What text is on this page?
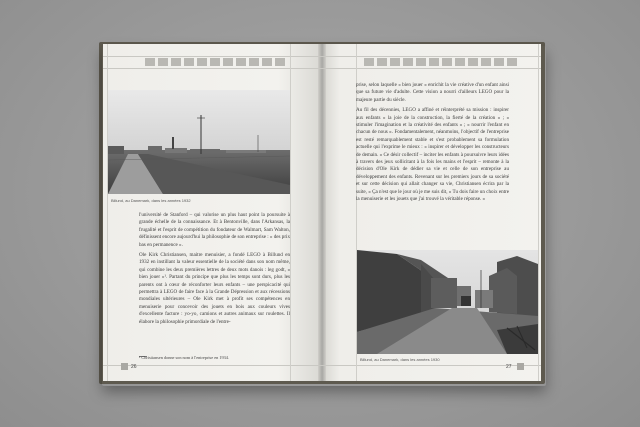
Billund, au Danemark, dans les années 1932

l'université de Stanford – qui valorise un plus haut point la poursuite à grande échelle de la connaissance. Et à Bentonville, dans l'Arkansas, la frugalité et l'esprit de compétition du fondateur de Walmart, Sam Walton, définissent encore aujourd'hui la philosophie de son entreprise : « des prix bas en permanence ».

Ole Kirk Christiansen, maitre menuisier, a fondé LEGO à Billund en 1932 en instillant la valeur essentielle de la société dans son nom même, qui combine les deux premières lettres de deux mots danois : leg godt, « bien jouer »¹. Partant du principe que plus les temps sont durs, plus les parents ont à cœur de réconforter leurs enfants – une perspicacité qui permettra à LEGO de faire face à la Grande Dépression et aux récessions mondiales ultérieures – Ole Kirk met à profit ses compétences en menuiserie pour concevoir des jouets en bois aux couleurs vives d'excellente facture : yo-yo, camions et autres animaux sur roulettes. Il élabore la philosophie primordiale de l'entre-

¹ Christiansen donne son nom à l'entreprise en 1934.
26

prise, selon laquelle « bien jouer » enrichit la vie créative d'un enfant ainsi que sa future vie d'adulte. Cette vision a nourri d'ailleurs LEGO pour la majeure partie du siècle.

Au fil des décennies, LEGO a affiné et réinterprété sa mission : inspirer aux enfants « la joie de la construction, la fierté de la création » ; « stimuler l'imagination et la créativité des enfants » ; « nourrir l'enfant en chacun de nous ». Fondamentalement, néanmoins, l'objectif de l'entreprise est resté remarquablement stable et s'est probablement sa formulation actuelle qui l'exprime le mieux : « inspirer et développer les constructeurs de demain. » Ce désir collectif – inciter les enfants à poursuivre leurs idées à travers des jeux sollicitant à la fois les mains et l'esprit – remonte à la décision d'Ole Kirk de dédier sa vie et celle de son entreprise au développement des enfants. Revenant sur les premiers jours de sa société et sur cette décision qui allait changer sa vie, Christiansen écrira par la suite, « Ça n'est que le jour où je me suis dit, « Tu dois faire un choix entre la menuiserie et les jouets que j'ai trouvé la véritable réponse. »

Billund, au Danemark, dans les années 1930
27
